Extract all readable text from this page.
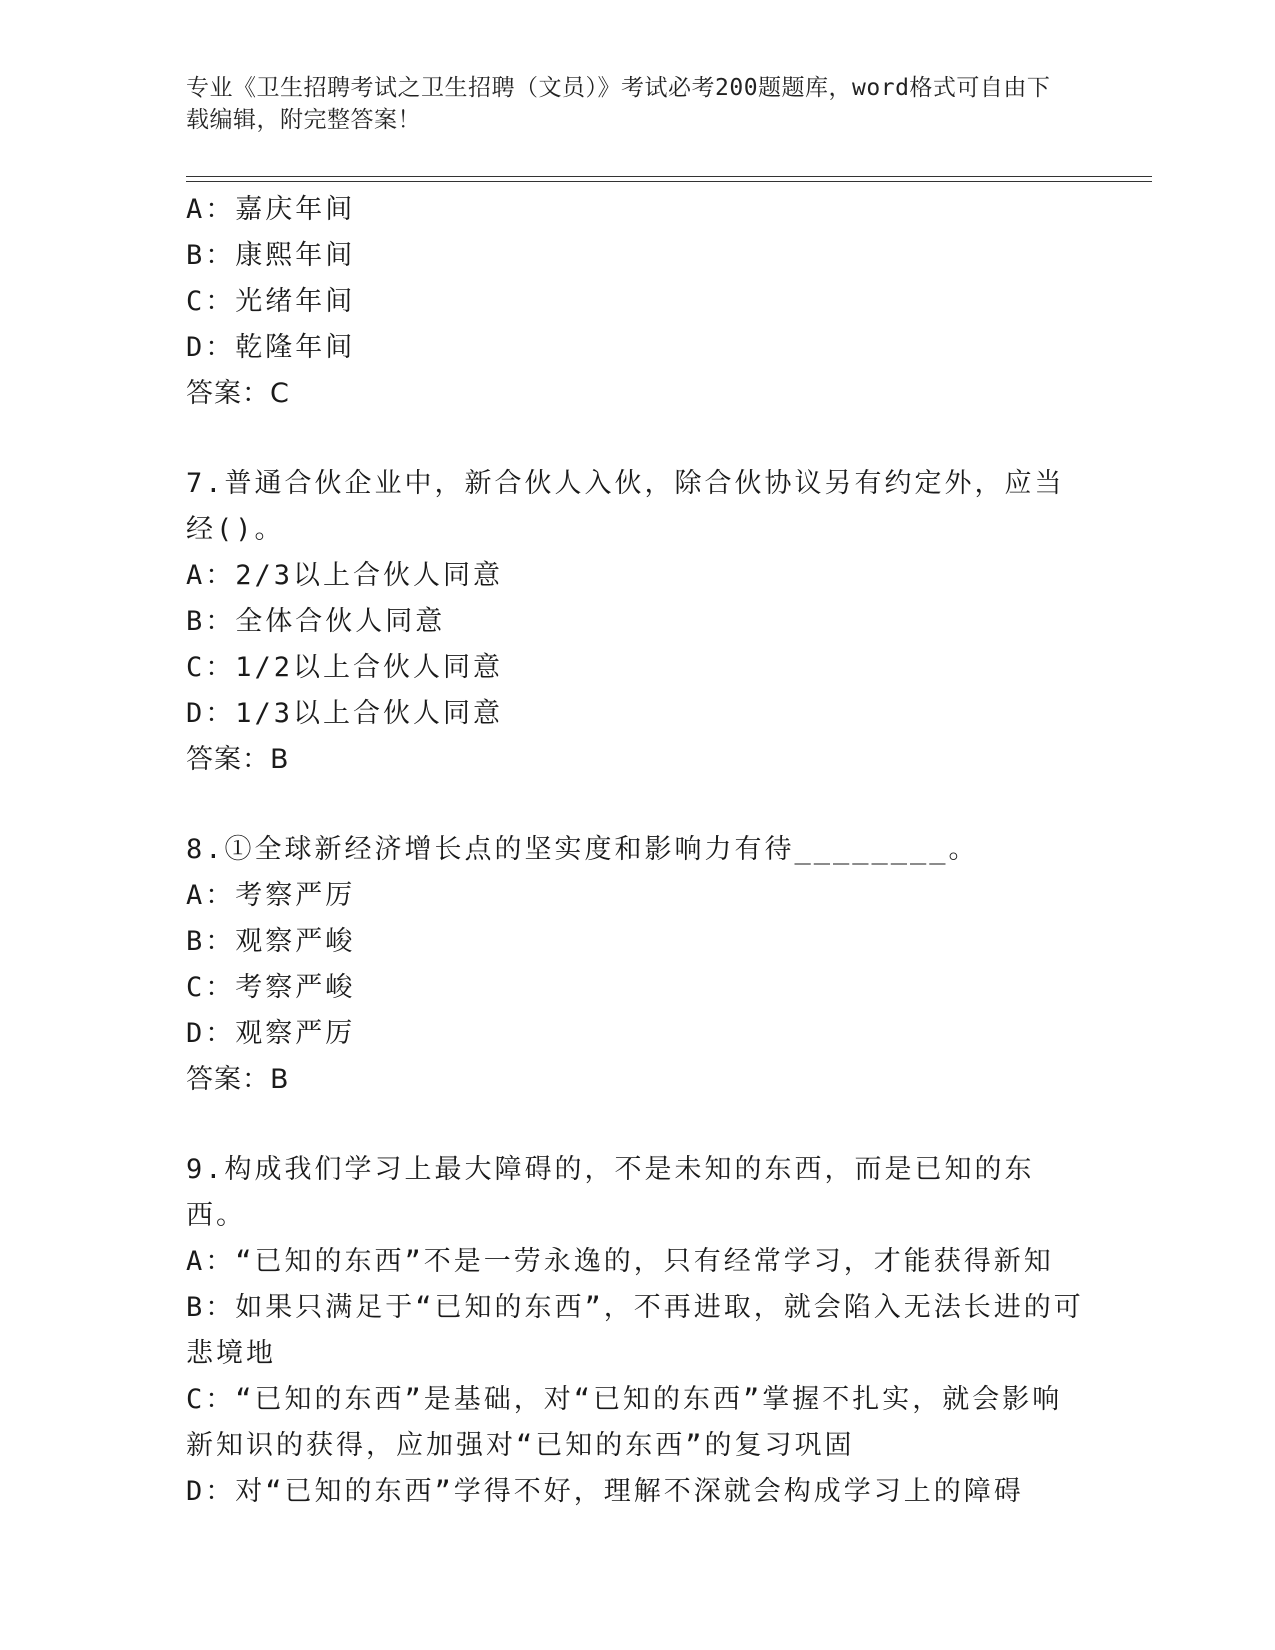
专业《卫生招聘考试之卫生招聘（文员）》考试必考200题题库，word格式可自由下载编辑，附完整答案！

A：嘉庆年间

B：康熙年间

C：光绪年间

D：乾隆年间

答案：C

7.普通合伙企业中，新合伙人入伙，除合伙协议另有约定外，应当经()。

A：2/3以上合伙人同意

B：全体合伙人同意

C：1/2以上合伙人同意

D：1/3以上合伙人同意

答案：B

8.①全球新经济增长点的坚实度和影响力有待________。

A：考察严厉

B：观察严峻

C：考察严峻

D：观察严厉

答案：B

9.构成我们学习上最大障碍的，不是未知的东西，而是已知的东西。

A：“已知的东西”不是一劳永逸的，只有经常学习，才能获得新知

B：如果只满足于“已知的东西”，不再进取，就会陷入无法长进的可悲境地

C：“已知的东西”是基础，对“已知的东西”掌握不扎实，就会影响新知识的获得，应加强对“已知的东西”的复习巩固

D：对“已知的东西”学得不好，理解不深就会构成学习上的障碍
